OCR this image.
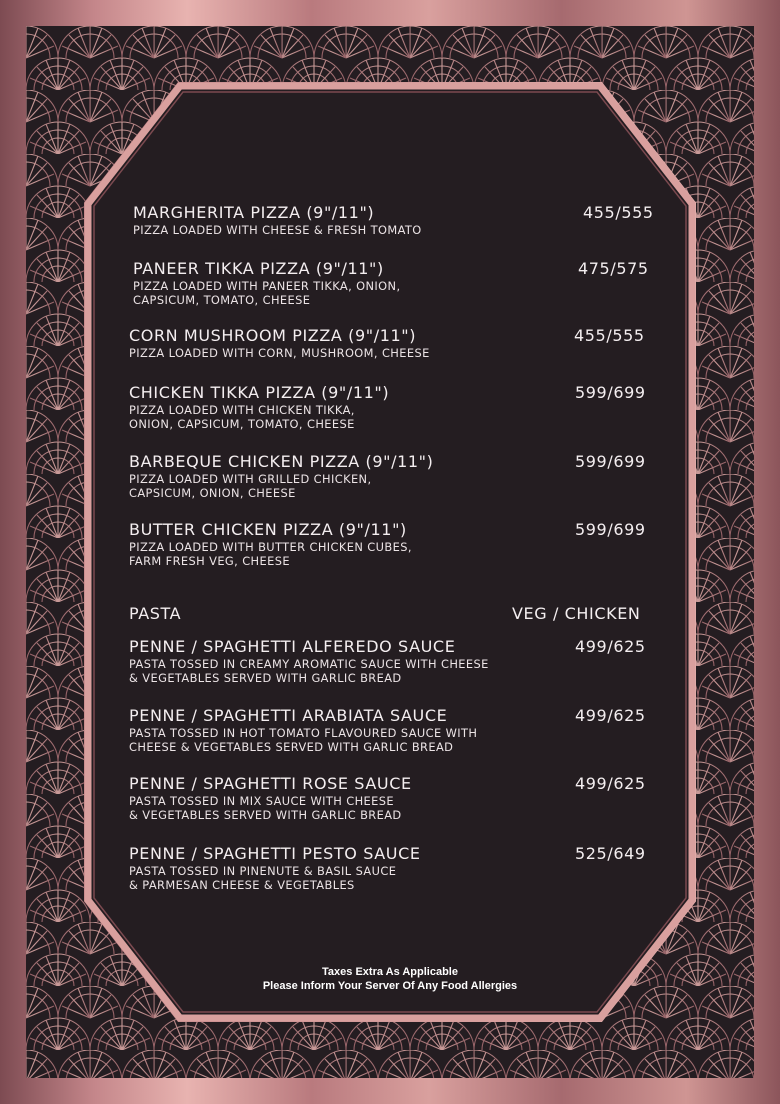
MARGHERITA PIZZA (9"/11")	455/555
PIZZA LOADED WITH CHEESE & FRESH TOMATO
PANEER TIKKA PIZZA (9"/11")	475/575
PIZZA LOADED WITH PANEER TIKKA, ONION,
CAPSICUM, TOMATO, CHEESE
CORN MUSHROOM PIZZA (9"/11")	455/555
PIZZA LOADED WITH CORN, MUSHROOM, CHEESE
CHICKEN TIKKA PIZZA (9"/11")	599/699
PIZZA LOADED WITH CHICKEN TIKKA,
ONION, CAPSICUM, TOMATO, CHEESE
BARBEQUE CHICKEN PIZZA (9"/11")	599/699
PIZZA LOADED WITH GRILLED CHICKEN,
CAPSICUM, ONION, CHEESE
BUTTER CHICKEN PIZZA (9"/11")	599/699
PIZZA LOADED WITH BUTTER CHICKEN CUBES,
FARM FRESH VEG, CHEESE
PASTA	VEG / CHICKEN
PENNE / SPAGHETTI ALFEREDO SAUCE	499/625
PASTA TOSSED IN CREAMY AROMATIC SAUCE WITH CHEESE
& VEGETABLES SERVED WITH GARLIC BREAD
PENNE / SPAGHETTI ARABIATA SAUCE	499/625
PASTA TOSSED IN HOT TOMATO FLAVOURED SAUCE WITH
CHEESE & VEGETABLES SERVED WITH GARLIC BREAD
PENNE / SPAGHETTI ROSE SAUCE	499/625
PASTA TOSSED IN MIX SAUCE WITH CHEESE
& VEGETABLES SERVED WITH GARLIC BREAD
PENNE / SPAGHETTI PESTO SAUCE	525/649
PASTA TOSSED IN PINENUTE & BASIL SAUCE
& PARMESAN CHEESE & VEGETABLES
Taxes Extra As Applicable
Please Inform Your Server Of Any Food Allergies
